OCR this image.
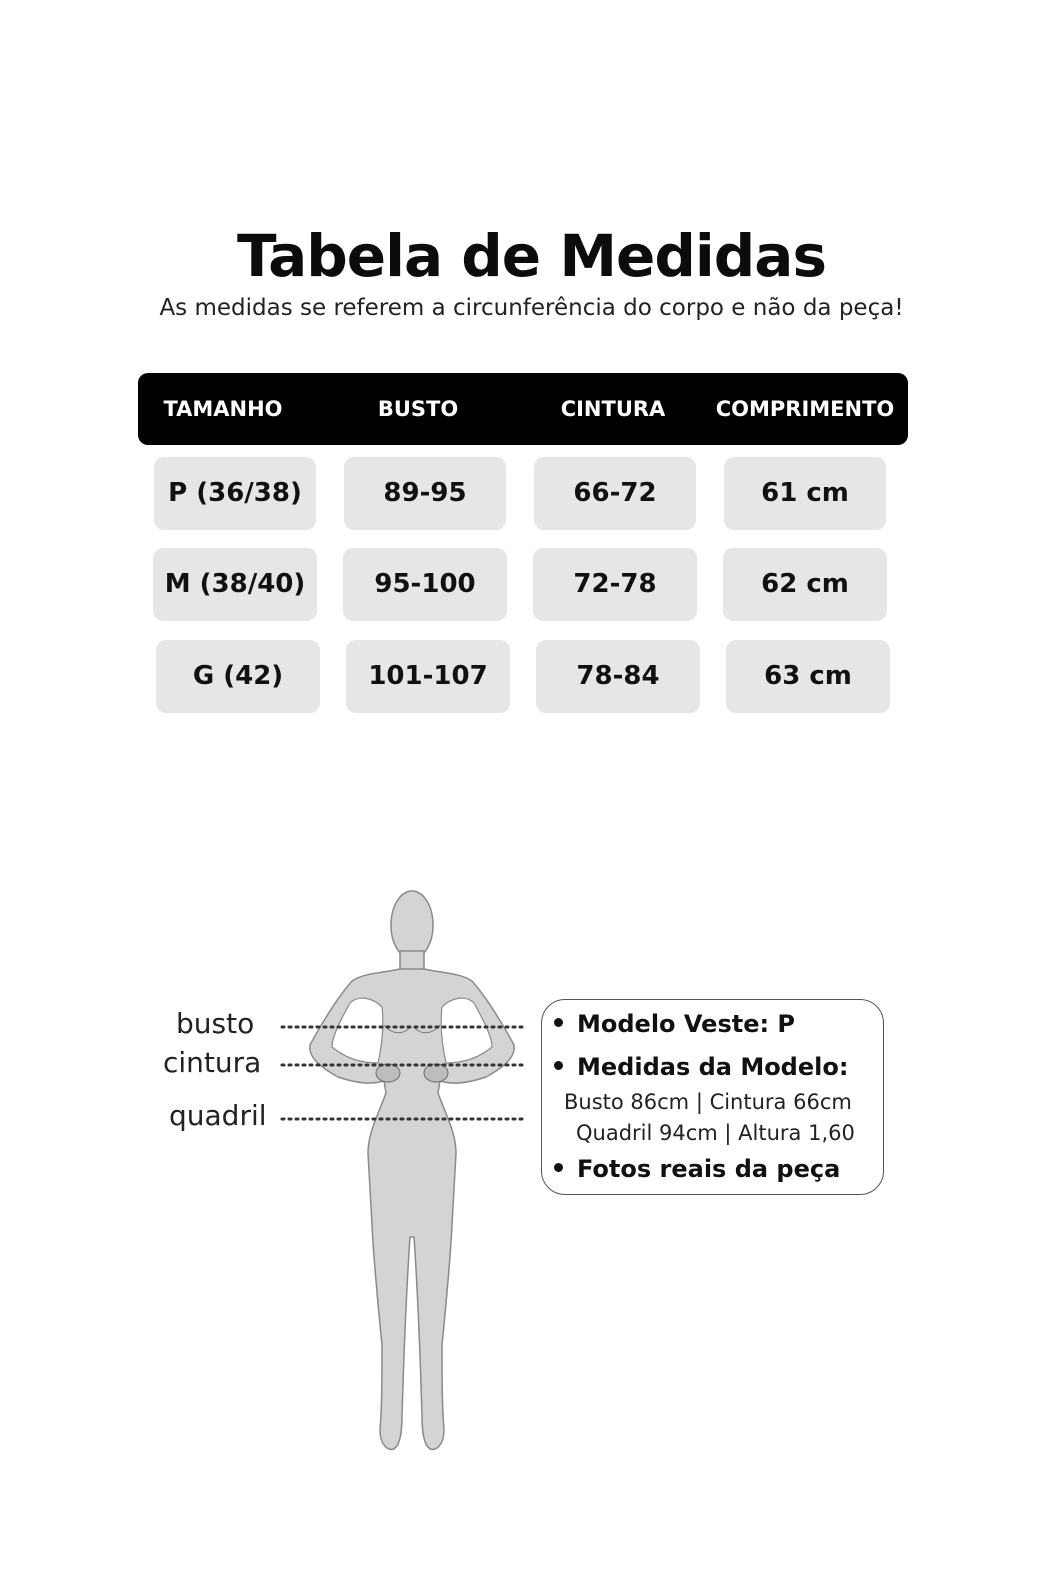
Tabela de Medidas
As medidas se referem a circunferência do corpo e não da peça!
TAMANHO	BUSTO	CINTURA	COMPRIMENTO
P (36/38)	89-95	66-72	61 cm
M (38/40)	95-100	72-78	62 cm
G (42)	101-107	78-84	63 cm
busto
cintura
quadril
Modelo Veste: P
Medidas da Modelo:
Busto 86cm | Cintura 66cm
Quadril 94cm | Altura 1,60
Fotos reais da peça
